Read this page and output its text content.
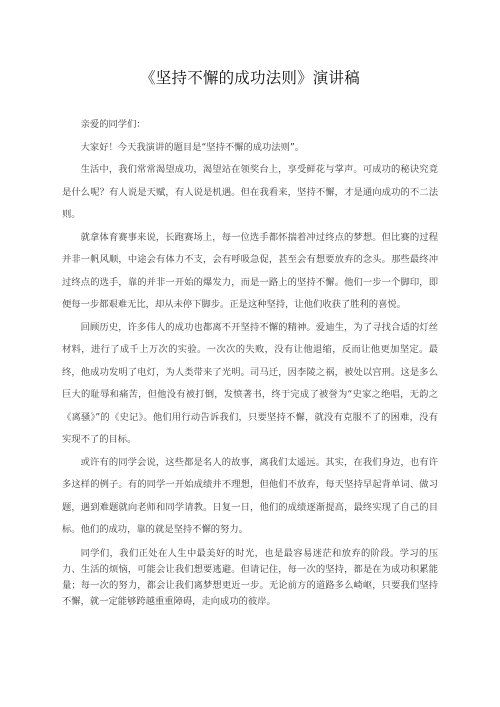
《坚持不懈的成功法则》演讲稿

亲爱的同学们：

大家好！今天我演讲的题目是“坚持不懈的成功法则”。

生活中，我们常常渴望成功，渴望站在领奖台上，享受鲜花与掌声。可成功的秘诀究竟是什么呢？有人说是天赋，有人说是机遇。但在我看来，坚持不懈，才是通向成功的不二法则。

就拿体育赛事来说，长跑赛场上，每一位选手都怀揣着冲过终点的梦想。但比赛的过程并非一帆风顺，中途会有体力不支，会有呼吸急促，甚至会有想要放弃的念头。那些最终冲过终点的选手，靠的并非一开始的爆发力，而是一路上的坚持不懈。他们一步一个脚印，即便每一步都艰难无比，却从未停下脚步。正是这种坚持，让他们收获了胜利的喜悦。

回顾历史，许多伟人的成功也都离不开坚持不懈的精神。爱迪生，为了寻找合适的灯丝材料，进行了成千上万次的实验。一次次的失败，没有让他退缩，反而让他更加坚定。最终，他成功发明了电灯，为人类带来了光明。司马迁，因李陵之祸，被处以宫刑。这是多么巨大的耻辱和痛苦，但他没有被打倒，发愤著书，终于完成了被誉为“史家之绝唱，无韵之《离骚》”的《史记》。他们用行动告诉我们，只要坚持不懈，就没有克服不了的困难，没有实现不了的目标。

或许有的同学会说，这些都是名人的故事，离我们太遥远。其实，在我们身边，也有许多这样的例子。有的同学一开始成绩并不理想，但他们不放弃，每天坚持早起背单词、做习题，遇到难题就向老师和同学请教。日复一日，他们的成绩逐渐提高，最终实现了自己的目标。他们的成功，靠的就是坚持不懈的努力。

同学们，我们正处在人生中最美好的时光，也是最容易迷茫和放弃的阶段。学习的压力、生活的烦恼，可能会让我们想要逃避。但请记住，每一次的坚持，都是在为成功积累能量；每一次的努力，都会让我们离梦想更近一步。无论前方的道路多么崎岖，只要我们坚持不懈，就一定能够跨越重重障碍，走向成功的彼岸。
